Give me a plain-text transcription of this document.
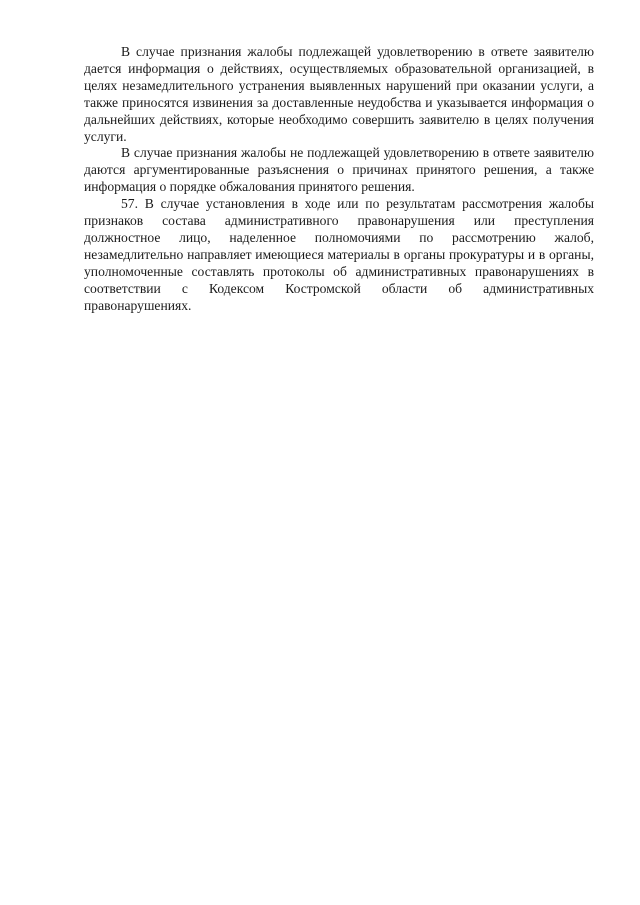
В случае признания жалобы подлежащей удовлетворению в ответе заявителю дается информация о действиях, осуществляемых образовательной организацией, в целях незамедлительного устранения выявленных нарушений при оказании услуги, а также приносятся извинения за доставленные неудобства и указывается информация о дальнейших действиях, которые необходимо совершить заявителю в целях получения услуги.

В случае признания жалобы не подлежащей удовлетворению в ответе заявителю даются аргументированные разъяснения о причинах принятого решения, а также информация о порядке обжалования принятого решения.

57. В случае установления в ходе или по результатам рассмотрения жалобы признаков состава административного правонарушения или преступления должностное лицо, наделенное полномочиями по рассмотрению жалоб, незамедлительно направляет имеющиеся материалы в органы прокуратуры и в органы, уполномоченные составлять протоколы об административных правонарушениях в соответствии с Кодексом Костромской области об административных правонарушениях.
